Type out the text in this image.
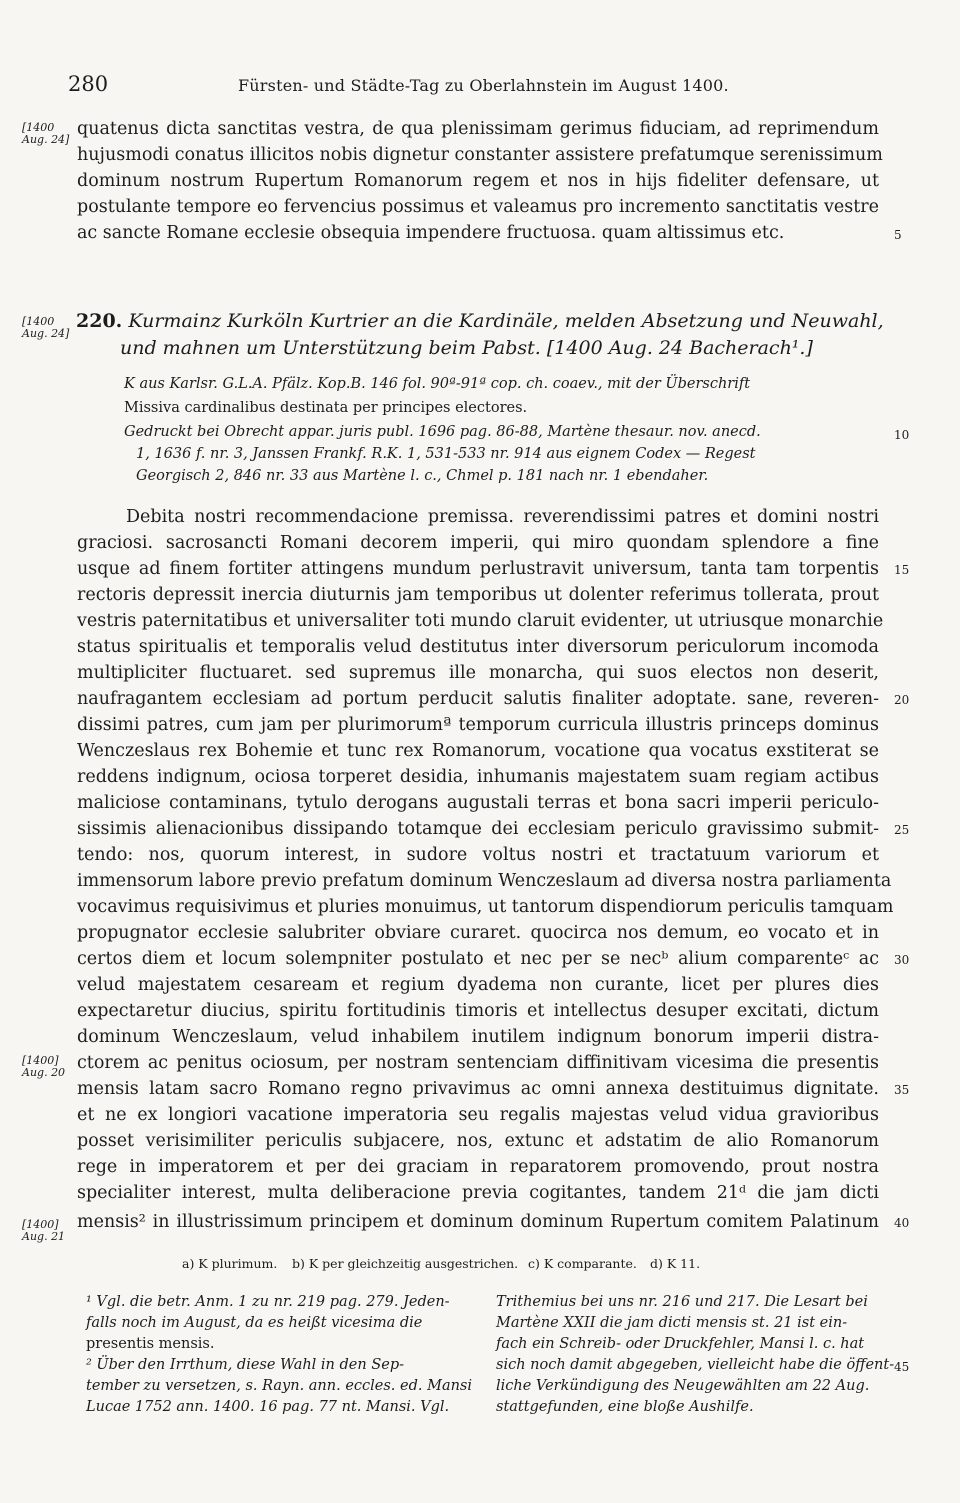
280	Fürsten- und Städte-Tag zu Oberlahnstein im August 1400.
[1400
Aug. 24]
quatenus dicta sanctitas vestra, de qua plenissimam gerimus fiduciam, ad reprimendum
hujusmodi conatus illicitos nobis dignetur constanter assistere prefatumque serenissimum
dominum nostrum Rupertum Romanorum regem et nos in hijs fideliter defensare, ut
postulante tempore eo fervencius possimus et valeamus pro incremento sanctitatis vestre
ac sancte Romane ecclesie obsequia impendere fructuosa. quam altissimus etc.	5
[1400
Aug. 24]
220. Kurmainz Kurköln Kurtrier an die Kardinäle, melden Absetzung und Neuwahl,
und mahnen um Unterstützung beim Pabst. [1400 Aug. 24 Bacherach¹.]
K aus Karlsr. G.L.A. Pfälz. Kop.B. 146 fol. 90ª-91ª cop. ch. coaev., mit der Überschrift
Missiva cardinalibus destinata per principes electores.
Gedruckt bei Obrecht appar. juris publ. 1696 pag. 86-88, Martène thesaur. nov. anecd.	10
1, 1636 f. nr. 3, Janssen Frankf. R.K. 1, 531-533 nr. 914 aus eignem Codex — Regest
Georgisch 2, 846 nr. 33 aus Martène l. c., Chmel p. 181 nach nr. 1 ebendaher.
Debita nostri recommendacione premissa. reverendissimi patres et domini nostri
graciosi. sacrosancti Romani decorem imperii, qui miro quondam splendore a fine
usque ad finem fortiter attingens mundum perlustravit universum, tanta tam torpentis 15
rectoris depressit inercia diuturnis jam temporibus ut dolenter referimus tollerata, prout
vestris paternitatibus et universaliter toti mundo claruit evidenter, ut utriusque monarchie
status spiritualis et temporalis velud destitutus inter diversorum periculorum incomoda
multipliciter fluctuaret. sed supremus ille monarcha, qui suos electos non deserit,
naufragantem ecclesiam ad portum perducit salutis finaliter adoptate. sane, reveren- 20
dissimi patres, cum jam per plurimorumª temporum curricula illustris princeps dominus
Wenczeslaus rex Bohemie et tunc rex Romanorum, vocatione qua vocatus exstiterat se
reddens indignum, ociosa torperet desidia, inhumanis majestatem suam regiam actibus
maliciose contaminans, tytulo derogans augustali terras et bona sacri imperii periculo-
sissimis alienacionibus dissipando totamque dei ecclesiam periculo gravissimo submit- 25
tendo: nos, quorum interest, in sudore voltus nostri et tractatuum variorum et
immensorum labore previo prefatum dominum Wenczeslaum ad diversa nostra parliamenta
vocavimus requisivimus et pluries monuimus, ut tantorum dispendiorum periculis tamquam
propugnator ecclesie salubriter obviare curaret. quocirca nos demum, eo vocato et in
certos diem et locum solempniter postulato et nec per se necᵇ alium comparenteᶜ ac 30
velud majestatem cesaream et regium dyadema non curante, licet per plures dies
expectaretur diucius, spiritu fortitudinis timoris et intellectus desuper excitati, dictum
dominum Wenczeslaum, velud inhabilem inutilem indignum bonorum imperii distra-
[1400]
Aug. 20 ctorem ac penitus ociosum, per nostram sentenciam diffinitivam vicesima die presentis
mensis latam sacro Romano regno privavimus ac omni annexa destituimus dignitate. 35
et ne ex longiori vacatione imperatoria seu regalis majestas velud vidua gravioribus
posset verisimiliter periculis subjacere, nos, extunc et adstatim de alio Romanorum
rege in imperatorem et per dei graciam in reparatorem promovendo, prout nostra
specialiter interest, multa deliberacione previa cogitantes, tandem 21ᵈ die jam dicti
[1400]
Aug. 21
mensis² in illustrissimum principem et dominum dominum Rupertum comitem Palatinum 40
a) K plurimum. b) K per gleichzeitig ausgestrichen. c) K comparante. d) K 11.
¹ Vgl. die betr. Anm. 1 zu nr. 219 pag. 279. Jeden-
falls noch im August, da es heißt vicesima die
presentis mensis.
² Über den Irrthum, diese Wahl in den Sep-
tember zu versetzen, s. Rayn. ann. eccles. ed. Mansi
Lucae 1752 ann. 1400. 16 pag. 77 nt. Mansi. Vgl.
Trithemius bei uns nr. 216 und 217. Die Lesart bei
Martène XXII die jam dicti mensis st. 21 ist ein-
fach ein Schreib- oder Druckfehler, Mansi l. c. hat
sich noch damit abgegeben, vielleicht habe die öffent-
liche Verkündigung des Neugewählten am 22 Aug.
stattgefunden, eine bloße Aushilfe.
45
